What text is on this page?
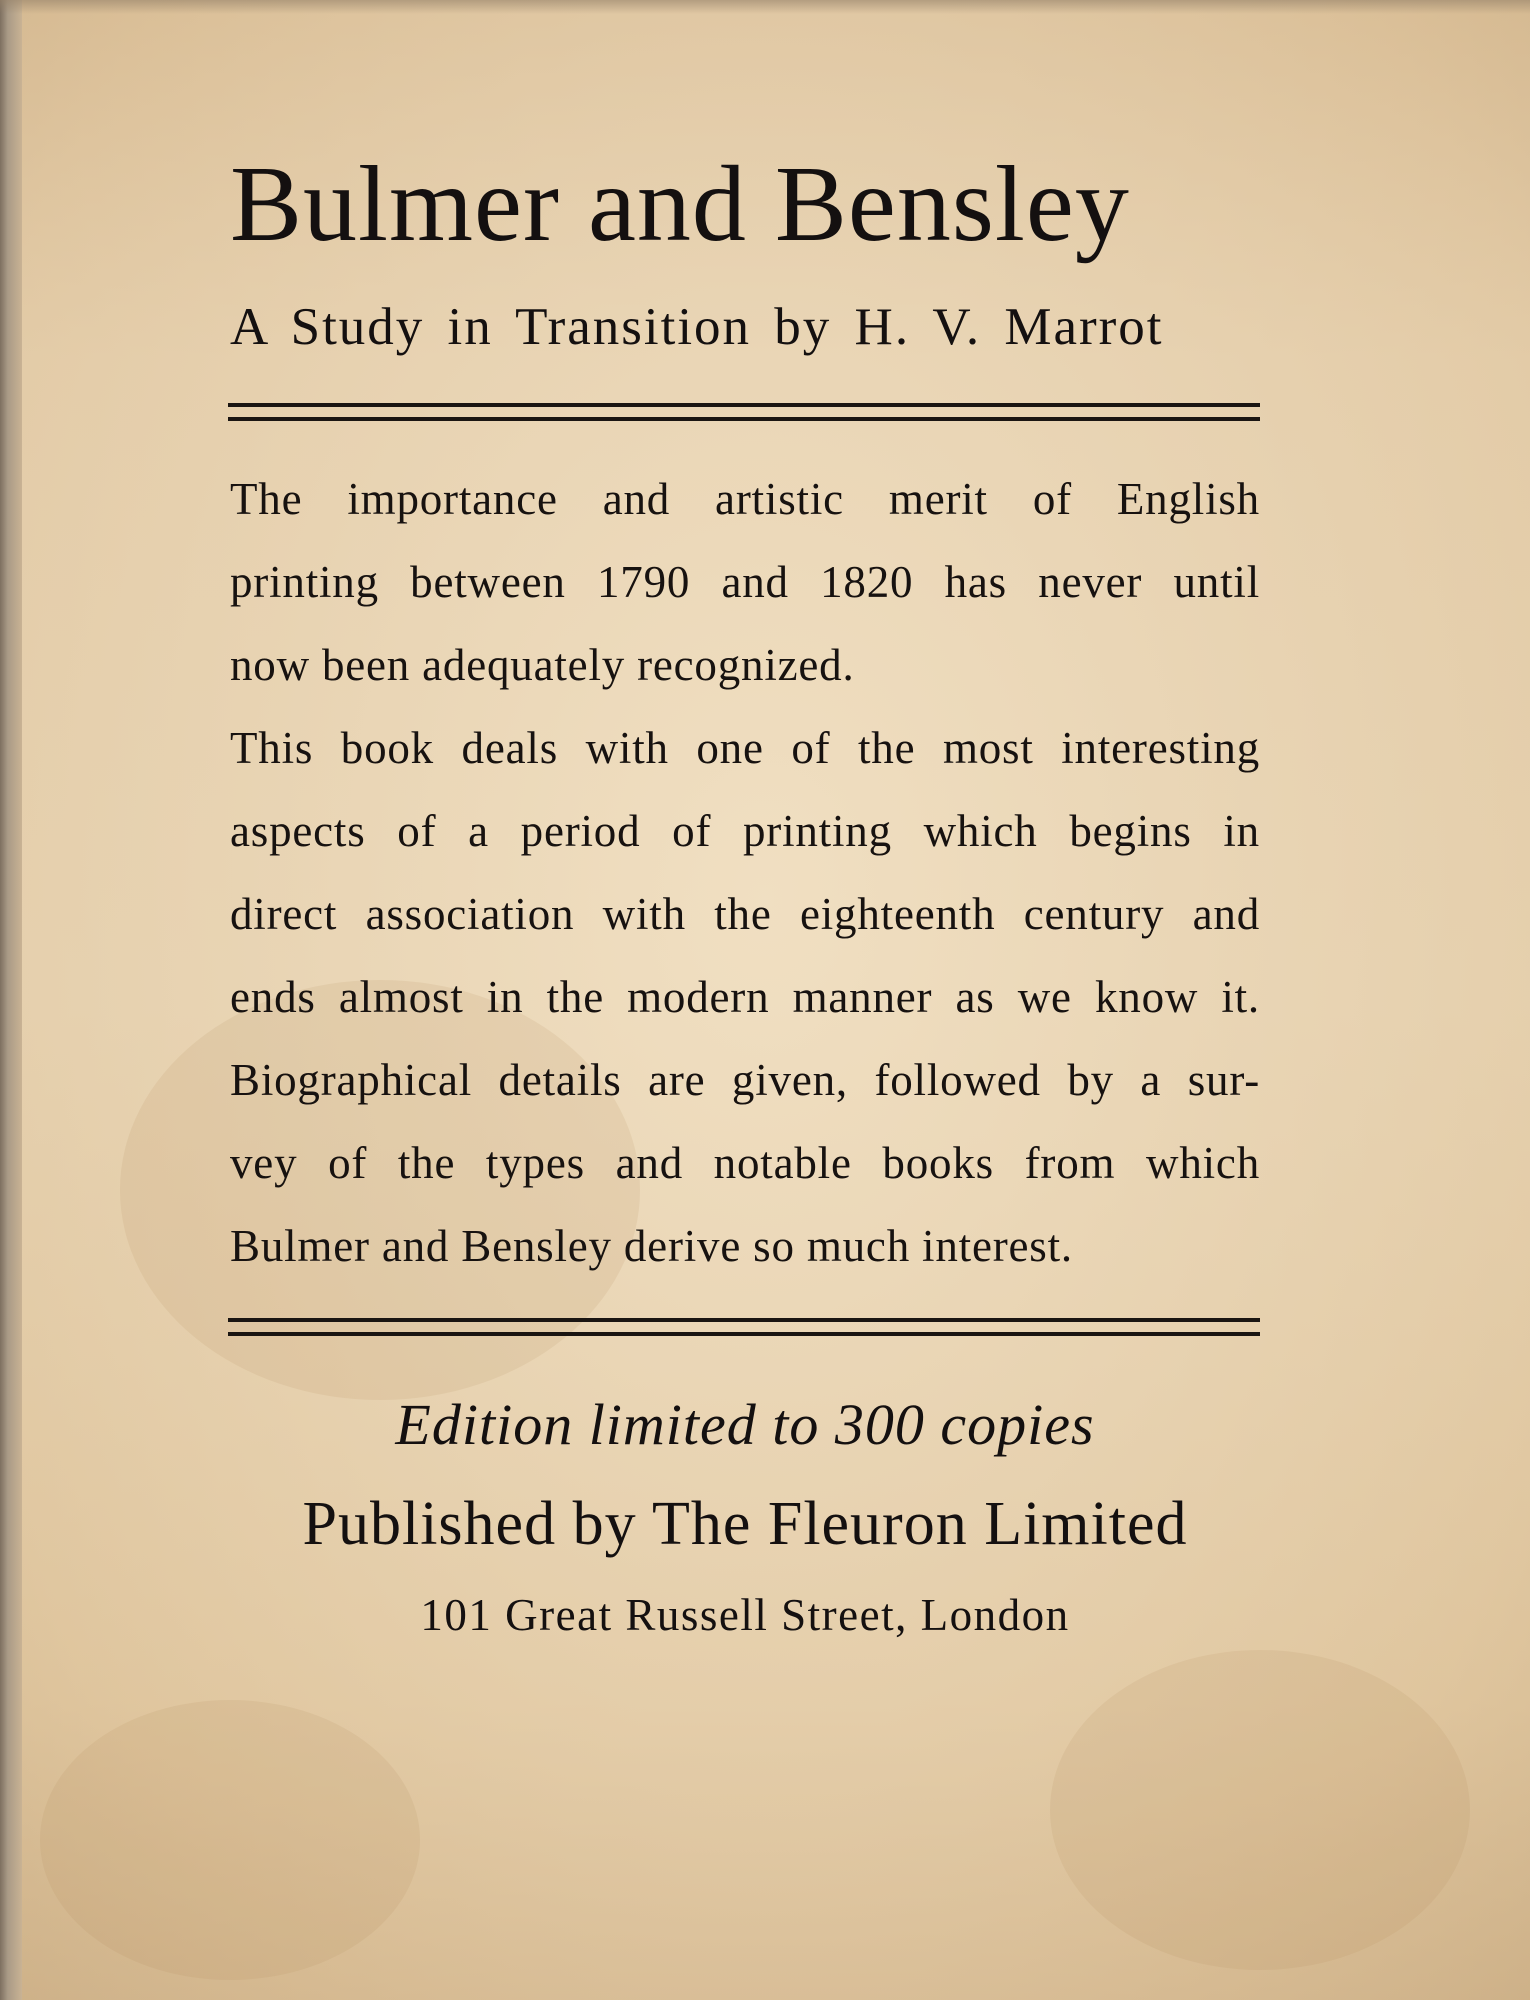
Bulmer and Bensley
A Study in Transition by H. V. Marrot
The importance and artistic merit of English
printing between 1790 and 1820 has never until
now been adequately recognized.
This book deals with one of the most interesting
aspects of a period of printing which begins in
direct association with the eighteenth century and
ends almost in the modern manner as we know it.
Biographical details are given, followed by a sur-
vey of the types and notable books from which
Bulmer and Bensley derive so much interest.
Edition limited to 300 copies
Published by The Fleuron Limited
101 Great Russell Street, London
